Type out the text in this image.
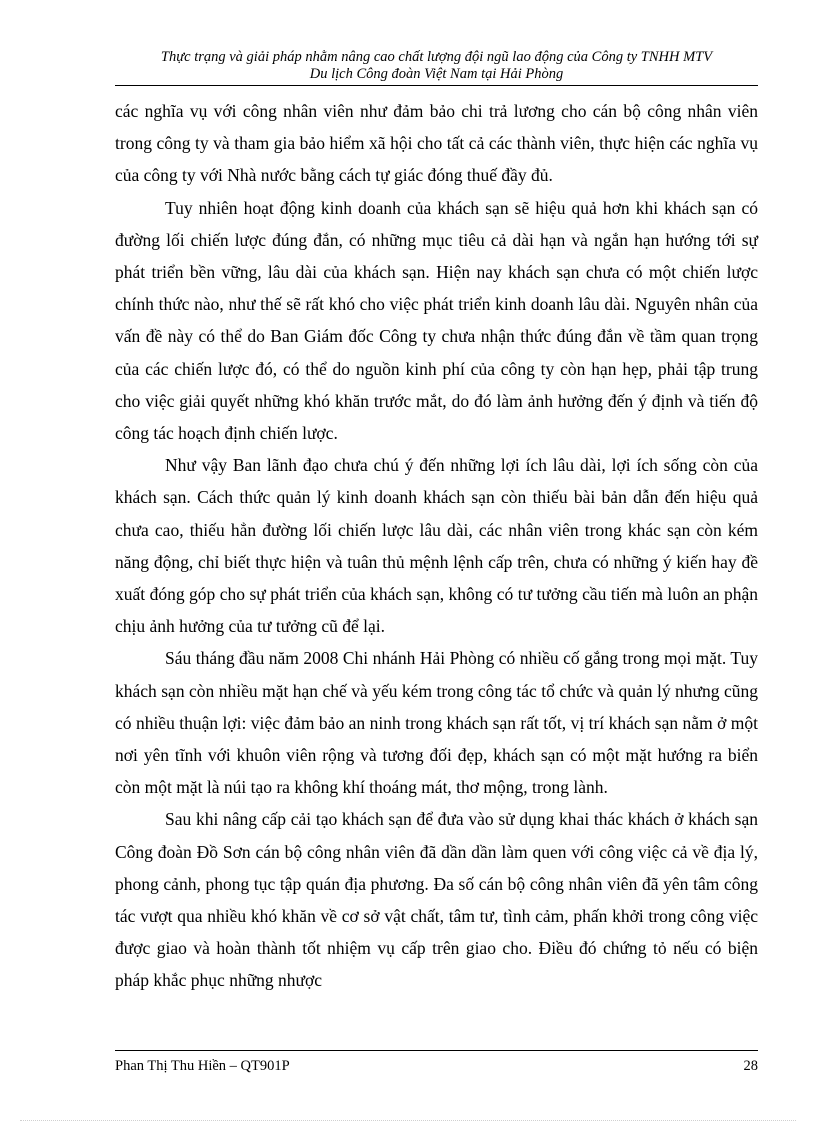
Thực trạng và giải pháp nhằm nâng cao chất lượng đội ngũ lao động của Công ty TNHH MTV
Du lịch Công đoàn Việt Nam tại Hải Phòng

các nghĩa vụ với công nhân viên như đảm bảo chi trả lương cho cán bộ công nhân viên trong công ty và tham gia bảo hiểm xã hội cho tất cả các thành viên, thực hiện các nghĩa vụ của công ty với Nhà nước bằng cách tự giác đóng thuế đầy đủ.

Tuy nhiên hoạt động kinh doanh của khách sạn sẽ hiệu quả hơn khi khách sạn có đường lối chiến lược đúng đắn, có những mục tiêu cả dài hạn và ngắn hạn hướng tới sự phát triển bền vững, lâu dài của khách sạn. Hiện nay khách sạn chưa có một chiến lược chính thức nào, như thế sẽ rất khó cho việc phát triển kinh doanh lâu dài. Nguyên nhân của vấn đề này có thể do Ban Giám đốc Công ty chưa nhận thức đúng đắn về tầm quan trọng của các chiến lược đó, có thể do nguồn kinh phí của công ty còn hạn hẹp, phải tập trung cho việc giải quyết những khó khăn trước mắt, do đó làm ảnh hưởng đến ý định và tiến độ công tác hoạch định chiến lược.

Như vậy Ban lãnh đạo chưa chú ý đến những lợi ích lâu dài, lợi ích sống còn của khách sạn. Cách thức quản lý kinh doanh khách sạn còn thiếu bài bản dẫn đến hiệu quả chưa cao, thiếu hẳn đường lối chiến lược lâu dài, các nhân viên trong khác sạn còn kém năng động, chỉ biết thực hiện và tuân thủ mệnh lệnh cấp trên, chưa có những ý kiến hay đề xuất đóng góp cho sự phát triển của khách sạn, không có tư tưởng cầu tiến mà luôn an phận chịu ảnh hưởng của tư tưởng cũ để lại.

Sáu tháng đầu năm 2008 Chi nhánh Hải Phòng có nhiều cố gắng trong mọi mặt. Tuy khách sạn còn nhiều mặt hạn chế và yếu kém trong công tác tổ chức và quản lý nhưng cũng có nhiều thuận lợi: việc đảm bảo an ninh trong khách sạn rất tốt, vị trí khách sạn nằm ở một nơi yên tĩnh với khuôn viên rộng và tương đối đẹp, khách sạn có một mặt hướng ra biển còn một mặt là núi tạo ra không khí thoáng mát, thơ mộng, trong lành.

Sau khi nâng cấp cải tạo khách sạn để đưa vào sử dụng khai thác khách ở khách sạn Công đoàn Đồ Sơn cán bộ công nhân viên đã dần dần làm quen với công việc cả về địa lý, phong cảnh, phong tục tập quán địa phương. Đa số cán bộ công nhân viên đã yên tâm công tác vượt qua nhiều khó khăn về cơ sở vật chất, tâm tư, tình cảm, phấn khởi trong công việc được giao và hoàn thành tốt nhiệm vụ cấp trên giao cho. Điều đó chứng tỏ nếu có biện pháp khắc phục những nhược

Phan Thị Thu Hiền – QT901P	28
